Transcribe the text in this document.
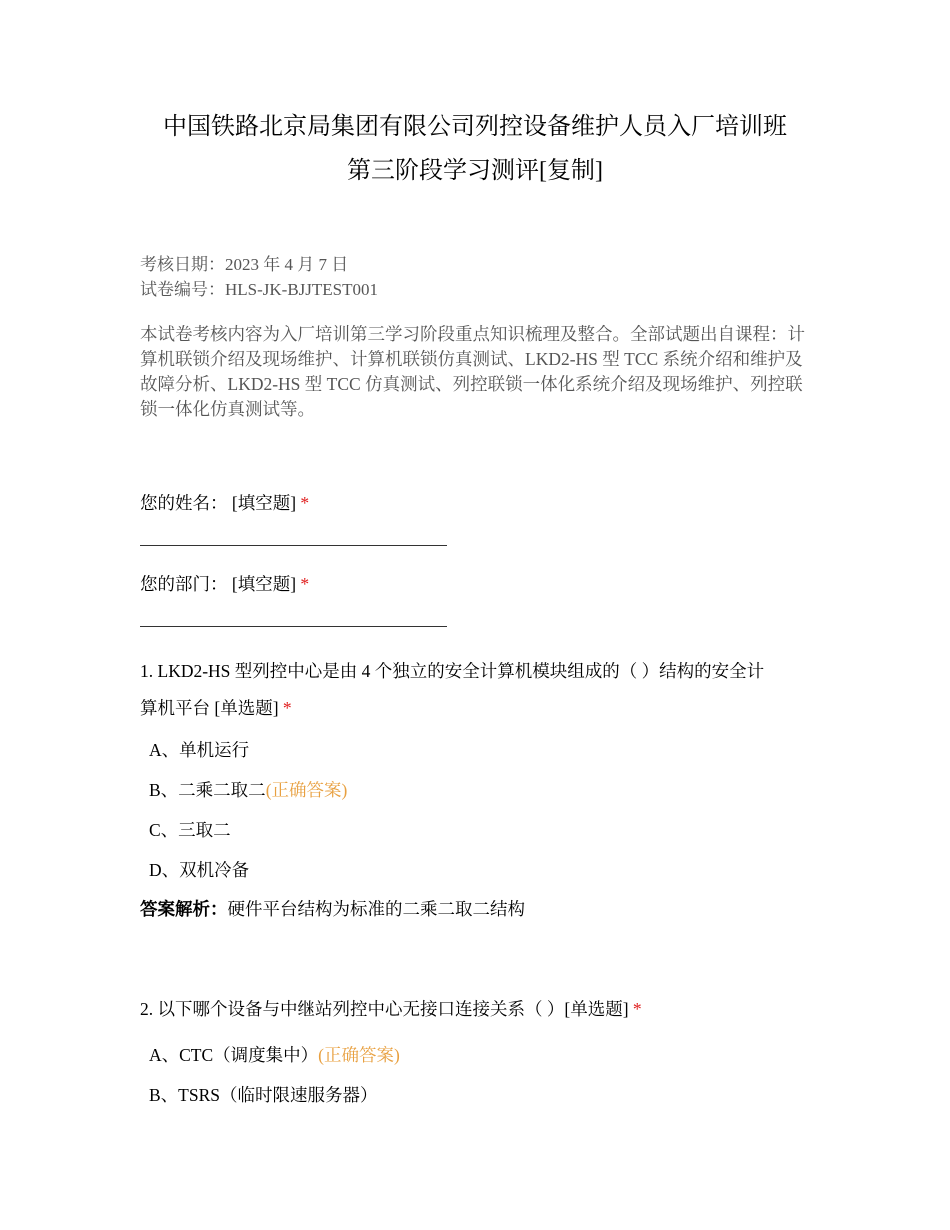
中国铁路北京局集团有限公司列控设备维护人员入厂培训班
第三阶段学习测评[复制]
考核日期：2023 年 4 月 7 日
试卷编号：HLS-JK-BJJTEST001
本试卷考核内容为入厂培训第三学习阶段重点知识梳理及整合。全部试题出自课程：计算机联锁介绍及现场维护、计算机联锁仿真测试、LKD2-HS 型 TCC 系统介绍和维护及故障分析、LKD2-HS 型 TCC 仿真测试、列控联锁一体化系统介绍及现场维护、列控联锁一体化仿真测试等。
您的姓名： [填空题] *
您的部门： [填空题] *
1. LKD2-HS 型列控中心是由 4 个独立的安全计算机模块组成的（ ）结构的安全计
算机平台 [单选题] *
A、单机运行
B、二乘二取二(正确答案)
C、三取二
D、双机冷备
答案解析：硬件平台结构为标准的二乘二取二结构
2. 以下哪个设备与中继站列控中心无接口连接关系（ ）[单选题] *
A、CTC（调度集中）(正确答案)
B、TSRS（临时限速服务器）
